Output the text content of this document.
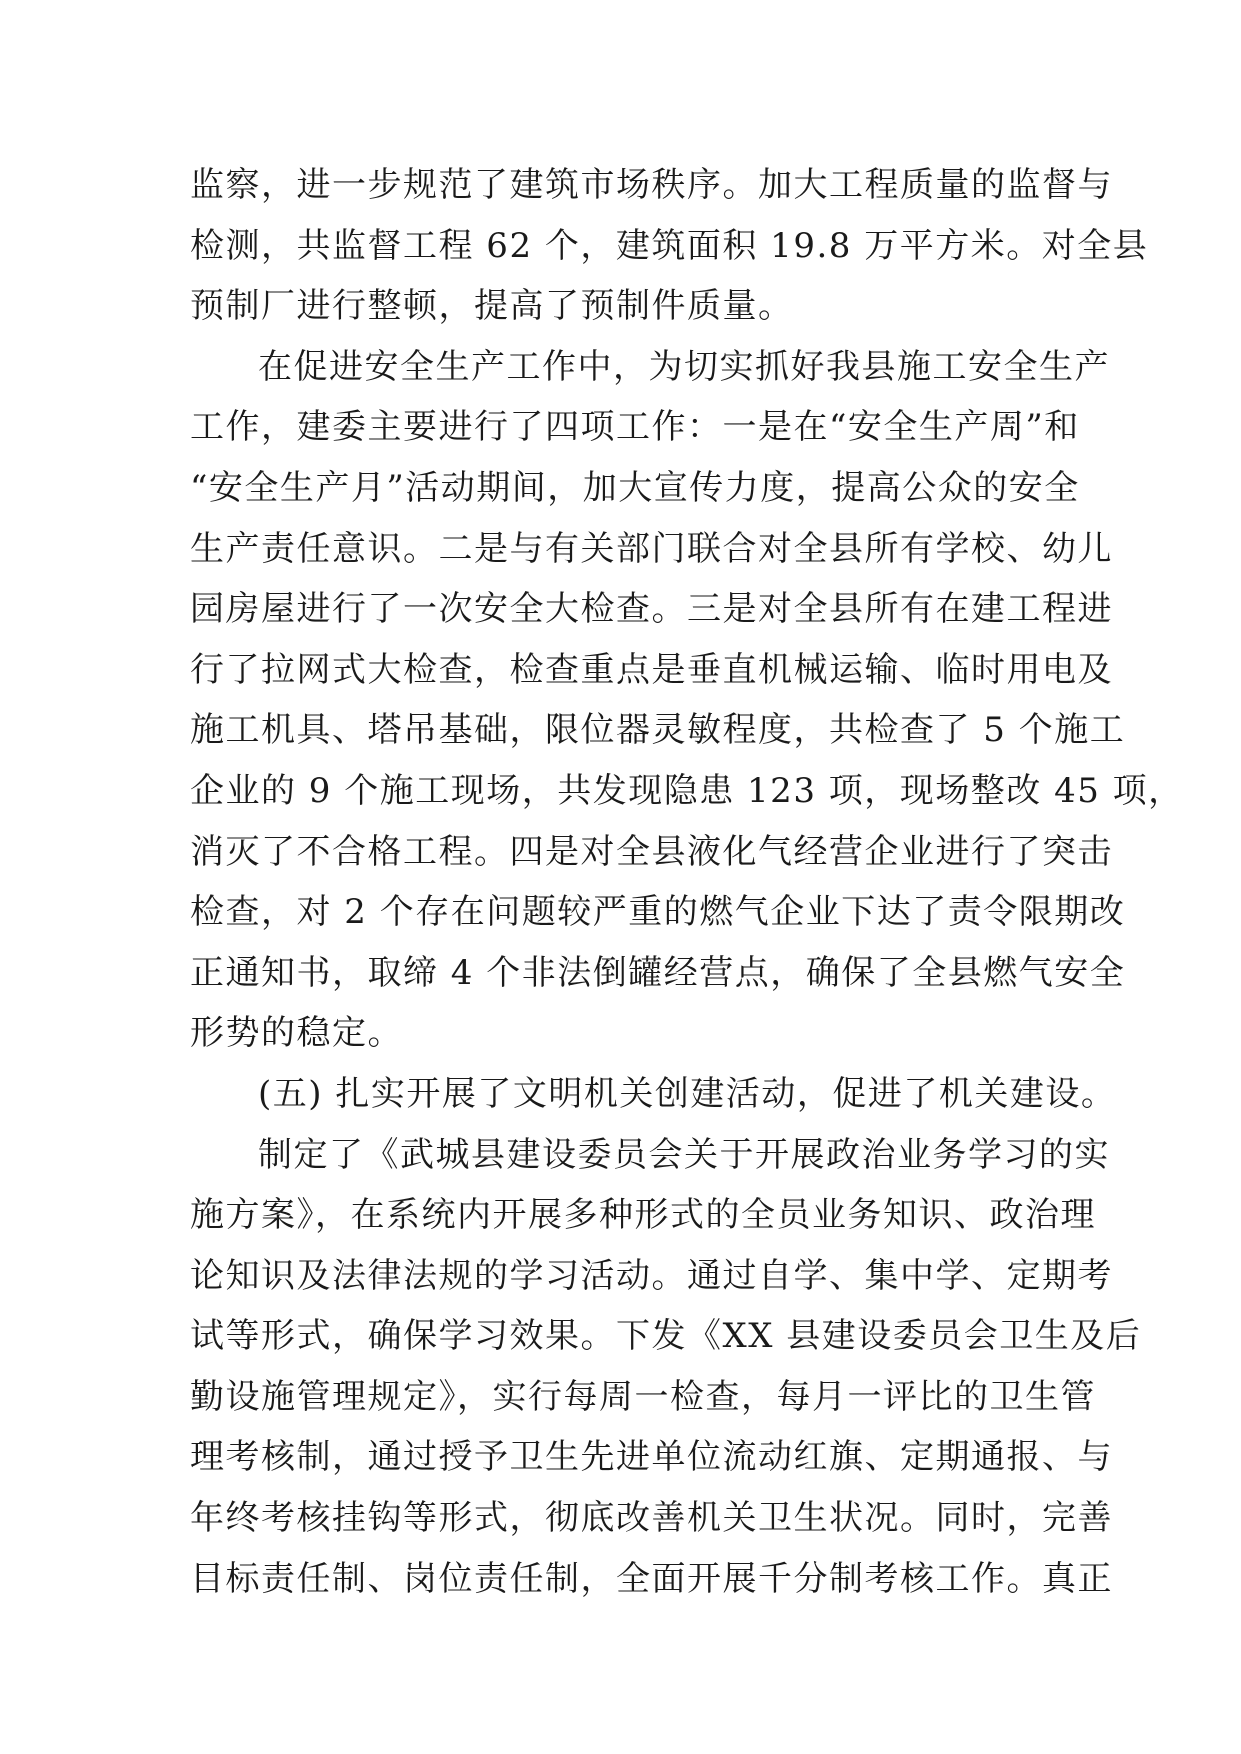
监察，进一步规范了建筑市场秩序。加大工程质量的监督与
检测，共监督工程 62 个，建筑面积 19.8 万平方米。对全县
预制厂进行整顿，提高了预制件质量。

在促进安全生产工作中，为切实抓好我县施工安全生产
工作，建委主要进行了四项工作：一是在“安全生产周”和
“安全生产月”活动期间，加大宣传力度，提高公众的安全
生产责任意识。二是与有关部门联合对全县所有学校、幼儿
园房屋进行了一次安全大检查。三是对全县所有在建工程进
行了拉网式大检查，检查重点是垂直机械运输、临时用电及
施工机具、塔吊基础，限位器灵敏程度，共检查了 5 个施工
企业的 9 个施工现场，共发现隐患 123 项，现场整改 45 项，
消灭了不合格工程。四是对全县液化气经营企业进行了突击
检查，对 2 个存在问题较严重的燃气企业下达了责令限期改
正通知书，取缔 4 个非法倒罐经营点，确保了全县燃气安全
形势的稳定。

(五) 扎实开展了文明机关创建活动，促进了机关建设。

制定了《武城县建设委员会关于开展政治业务学习的实
施方案》，在系统内开展多种形式的全员业务知识、政治理
论知识及法律法规的学习活动。通过自学、集中学、定期考
试等形式，确保学习效果。下发《XX 县建设委员会卫生及后
勤设施管理规定》，实行每周一检查，每月一评比的卫生管
理考核制，通过授予卫生先进单位流动红旗、定期通报、与
年终考核挂钩等形式，彻底改善机关卫生状况。同时，完善
目标责任制、岗位责任制，全面开展千分制考核工作。真正
